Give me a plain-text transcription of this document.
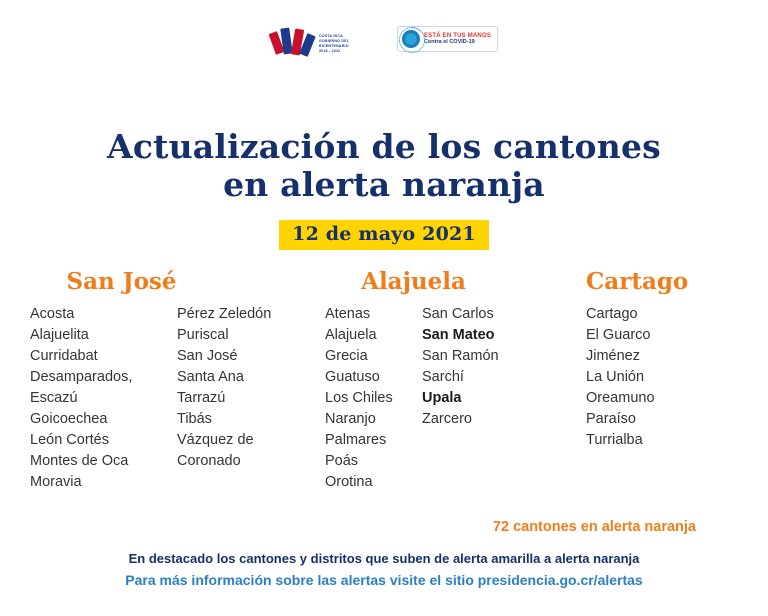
COSTA RICA
GOBIERNO DEL BICENTENARIO
2018 - 2022
ESTÁ EN TUS MANOS
Contra el COVID-19
Actualización de los cantones
en alerta naranja
12 de mayo 2021
San José
Acosta
Alajuelita
Curridabat
Desamparados,
Escazú
Goicoechea
León Cortés
Montes de Oca
Moravia
Pérez Zeledón
Puriscal
San José
Santa Ana
Tarrazú
Tibás
Vázquez de
Coronado
Alajuela
Atenas
Alajuela
Grecia
Guatuso
Los Chiles
Naranjo
Palmares
Poás
Orotina
San Carlos
San Mateo
San Ramón
Sarchí
Upala
Zarcero
Cartago
Cartago
El Guarco
Jiménez
La Unión
Oreamuno
Paraíso
Turrialba
72 cantones en alerta naranja
En destacado los cantones y distritos que suben de alerta amarilla a alerta naranja
Para más información sobre las alertas visite el sitio presidencia.go.cr/alertas
